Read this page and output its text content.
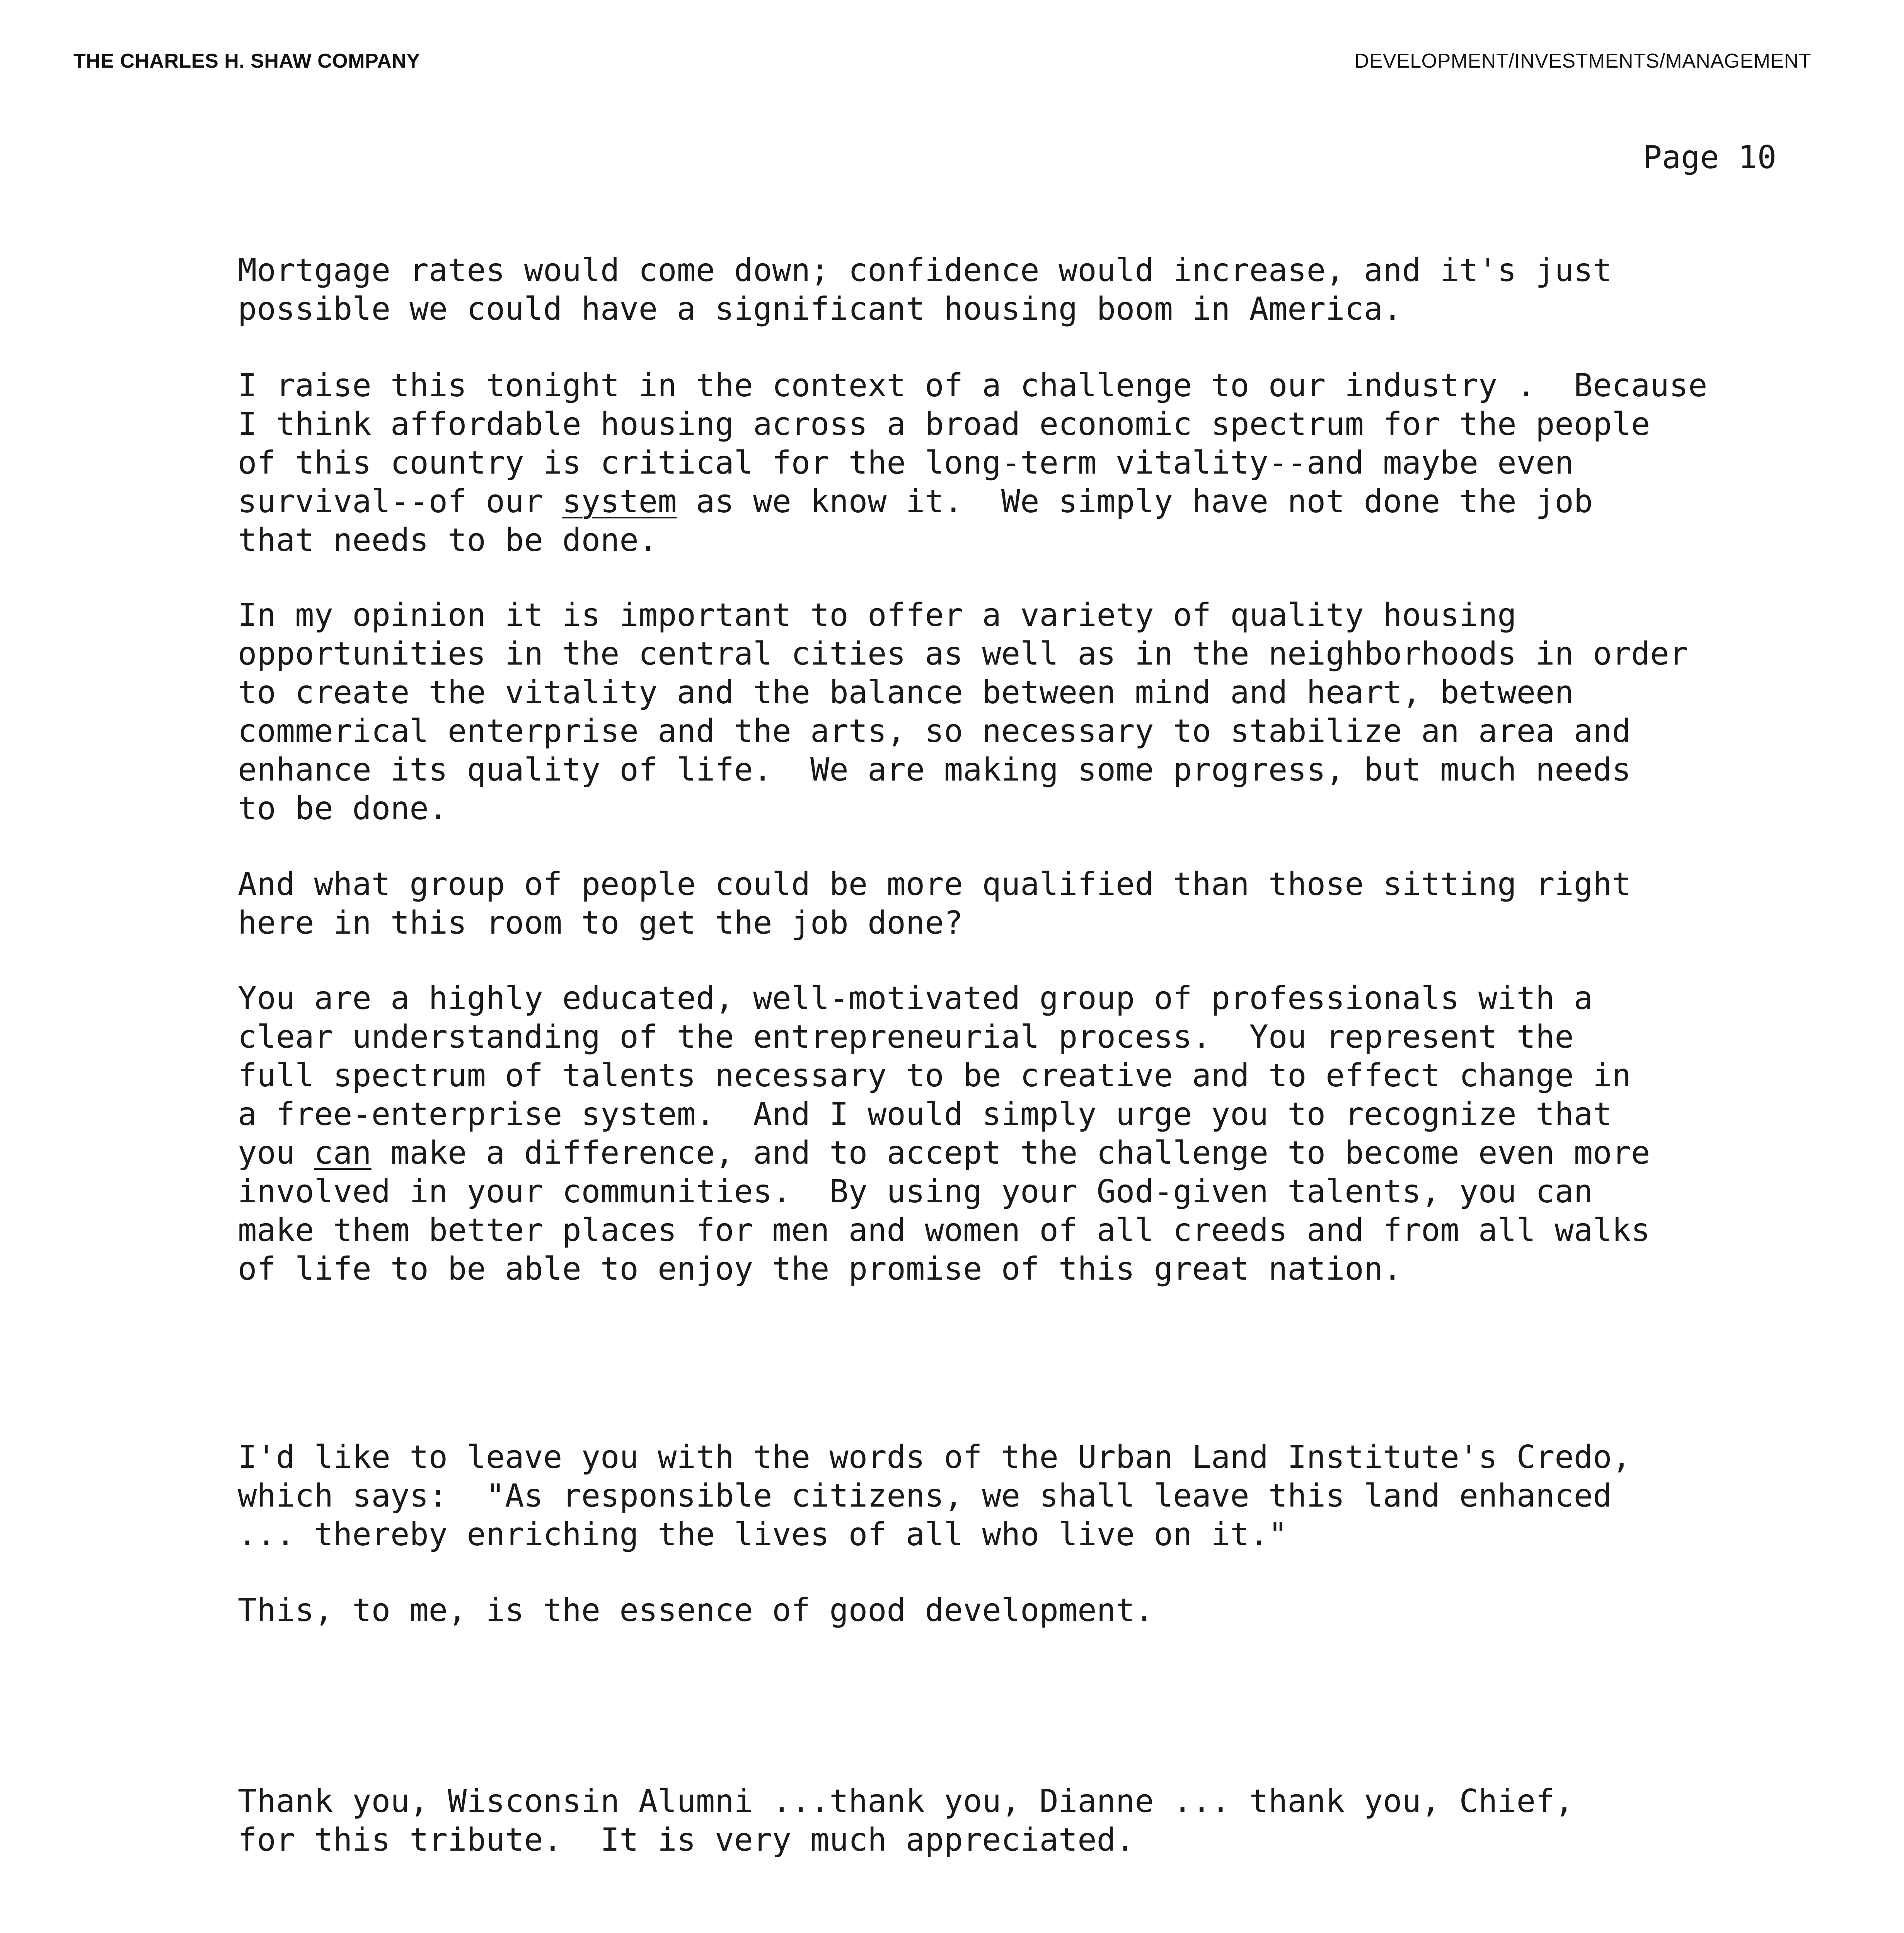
THE CHARLES H. SHAW COMPANY	DEVELOPMENT/INVESTMENTS/MANAGEMENT
Page 10
Mortgage rates would come down; confidence would increase, and it's just
possible we could have a significant housing boom in America.
I raise this tonight in the context of a challenge to our industry .  Because
I think affordable housing across a broad economic spectrum for the people
of this country is critical for the long-term vitality--and maybe even
survival--of our system as we know it.  We simply have not done the job
that needs to be done.
In my opinion it is important to offer a variety of quality housing
opportunities in the central cities as well as in the neighborhoods in order
to create the vitality and the balance between mind and heart, between
commerical enterprise and the arts, so necessary to stabilize an area and
enhance its quality of life.  We are making some progress, but much needs
to be done.
And what group of people could be more qualified than those sitting right
here in this room to get the job done?
You are a highly educated, well-motivated group of professionals with a
clear understanding of the entrepreneurial process.  You represent the
full spectrum of talents necessary to be creative and to effect change in
a free-enterprise system.  And I would simply urge you to recognize that
you can make a difference, and to accept the challenge to become even more
involved in your communities.  By using your God-given talents, you can
make them better places for men and women of all creeds and from all walks
of life to be able to enjoy the promise of this great nation.
I'd like to leave you with the words of the Urban Land Institute's Credo,
which says:  "As responsible citizens, we shall leave this land enhanced
... thereby enriching the lives of all who live on it."
This, to me, is the essence of good development.
Thank you, Wisconsin Alumni ...thank you, Dianne ... thank you, Chief,
for this tribute.  It is very much appreciated.
